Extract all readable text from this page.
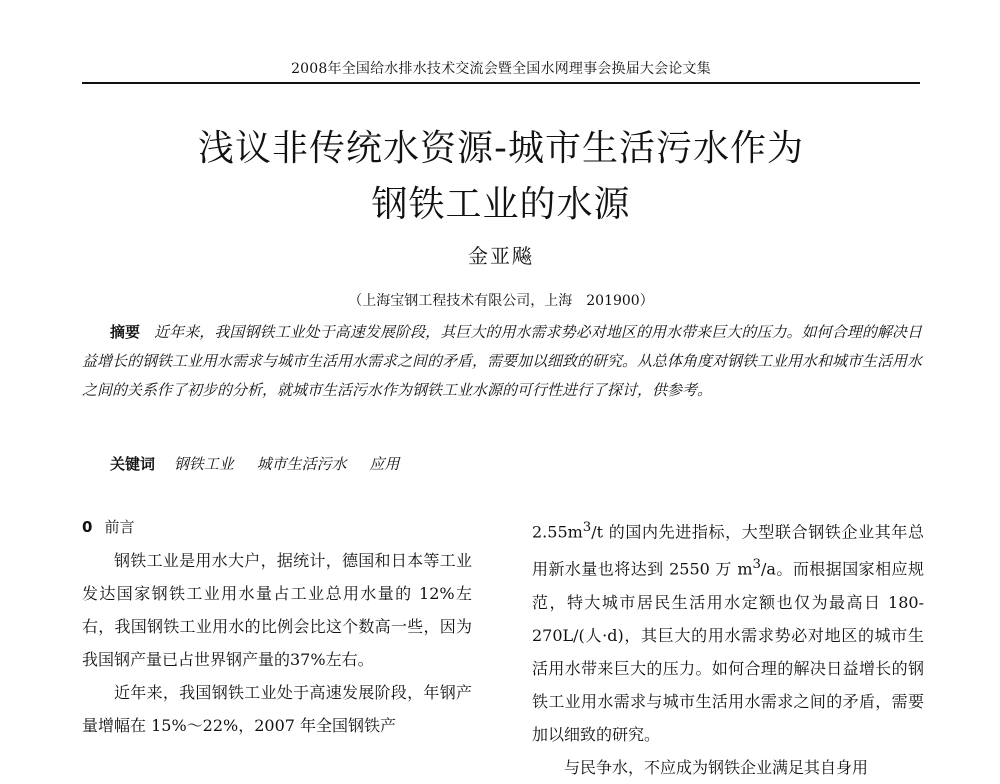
2008年全国给水排水技术交流会暨全国水网理事会换届大会论文集
浅议非传统水资源-城市生活污水作为
钢铁工业的水源
金亚飚
（上海宝钢工程技术有限公司，上海　201900）

摘要 近年来，我国钢铁工业处于高速发展阶段，其巨大的用水需求势必对地区的用水带来巨大的压力。如何合理的解决日益增长的钢铁工业用水需求与城市生活用水需求之间的矛盾，需要加以细致的研究。从总体角度对钢铁工业用水和城市生活用水之间的关系作了初步的分析，就城市生活污水作为钢铁工业水源的可行性进行了探讨，供参考。

关键词 钢铁工业 城市生活污水 应用

0 前言

钢铁工业是用水大户，据统计，德国和日本等工业发达国家钢铁工业用水量占工业总用水量的 12%左右，我国钢铁工业用水的比例会比这个数高一些，因为我国钢产量已占世界钢产量的37%左右。

近年来，我国钢铁工业处于高速发展阶段，年钢产量增幅在 15%～22%，2007 年全国钢铁产

$2.55m^3/t$ 的国内先进指标，大型联合钢铁企业其年总用新水量也将达到 2550 万 $m^3/a$。而根据国家相应规范，特大城市居民生活用水定额也仅为最高日 180-270L/(人·d)，其巨大的用水需求势必对地区的城市生活用水带来巨大的压力。如何合理的解决日益增长的钢铁工业用水需求与城市生活用水需求之间的矛盾，需要加以细致的研究。

与民争水，不应成为钢铁企业满足其自身用
